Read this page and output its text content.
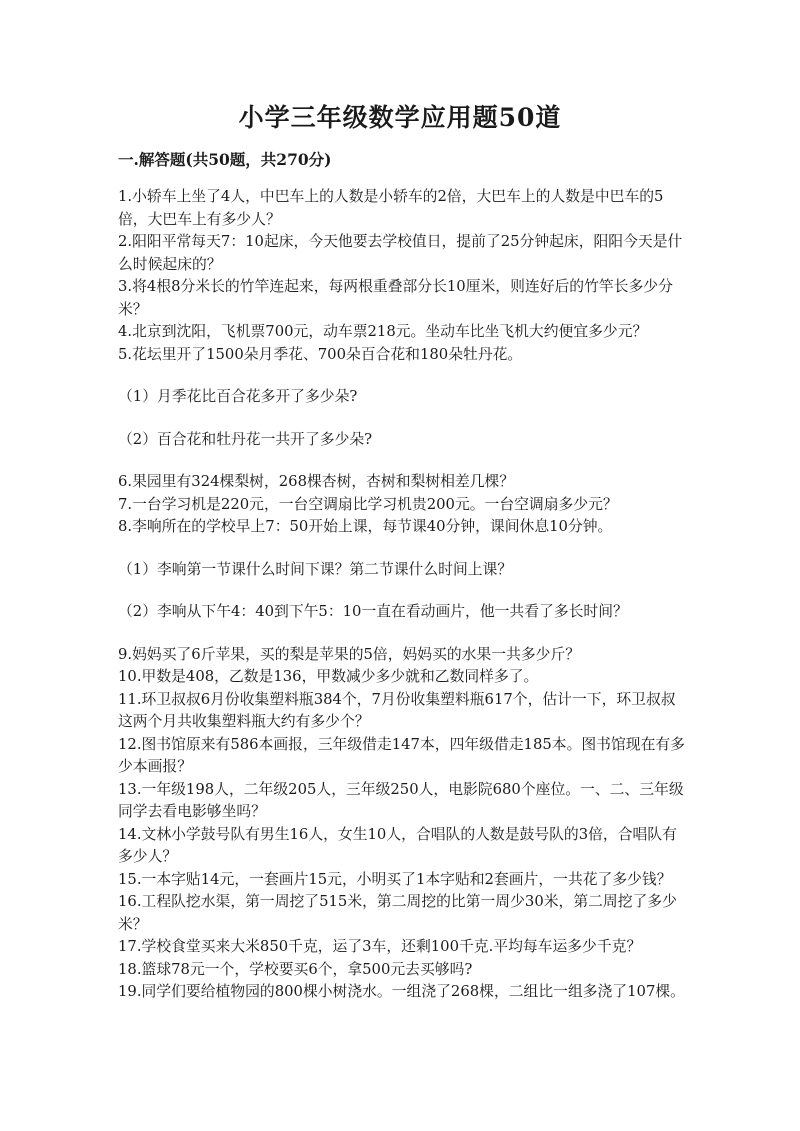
小学三年级数学应用题50道
一.解答题(共50题，共270分)

1.小轿车上坐了4人，中巴车上的人数是小轿车的2倍，大巴车上的人数是中巴车的5倍，大巴车上有多少人？

2.阳阳平常每天7：10起床，今天他要去学校值日，提前了25分钟起床，阳阳今天是什么时候起床的？

3.将4根8分米长的竹竿连起来，每两根重叠部分长10厘米，则连好后的竹竿长多少分米？

4.北京到沈阳，飞机票700元，动车票218元。坐动车比坐飞机大约便宜多少元？

5.花坛里开了1500朵月季花、700朵百合花和180朵牡丹花。

（1）月季花比百合花多开了多少朵?

（2）百合花和牡丹花一共开了多少朵?

6.果园里有324棵梨树，268棵杏树，杏树和梨树相差几棵？

7.一台学习机是220元，一台空调扇比学习机贵200元。一台空调扇多少元？

8.李响所在的学校早上7：50开始上课，每节课40分钟，课间休息10分钟。

（1）李响第一节课什么时间下课？第二节课什么时间上课？

（2）李响从下午4：40到下午5：10一直在看动画片，他一共看了多长时间？

9.妈妈买了6斤苹果，买的梨是苹果的5倍，妈妈买的水果一共多少斤？

10.甲数是408，乙数是136，甲数减少多少就和乙数同样多了。

11.环卫叔叔6月份收集塑料瓶384个，7月份收集塑料瓶617个，估计一下，环卫叔叔这两个月共收集塑料瓶大约有多少个？

12.图书馆原来有586本画报，三年级借走147本，四年级借走185本。图书馆现在有多少本画报？

13.一年级198人，二年级205人，三年级250人，电影院680个座位。一、二、三年级同学去看电影够坐吗？

14.文林小学鼓号队有男生16人，女生10人，合唱队的人数是鼓号队的3倍，合唱队有多少人？

15.一本字贴14元，一套画片15元，小明买了1本字贴和2套画片，一共花了多少钱？

16.工程队挖水渠，第一周挖了515米，第二周挖的比第一周少30米，第二周挖了多少米？

17.学校食堂买来大米850千克，运了3车，还剩100千克.平均每车运多少千克？

18.篮球78元一个，学校要买6个，拿500元去买够吗?

19.同学们要给植物园的800棵小树浇水。一组浇了268棵，二组比一组多浇了107棵。
